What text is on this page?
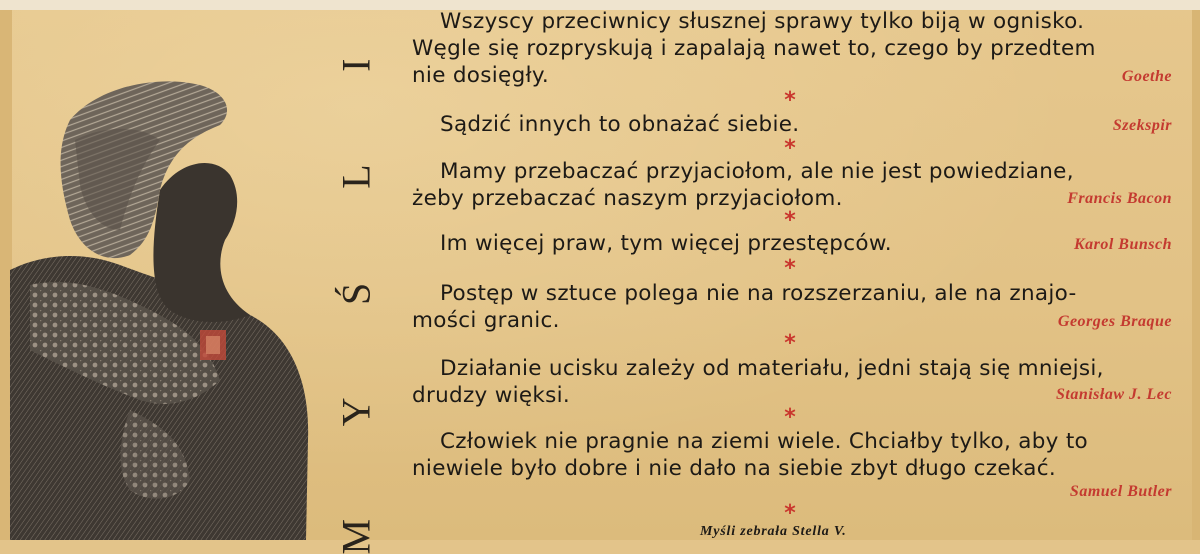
M Y Ś L I	Wszyscy przeciwnicy słusznej sprawy tylko biją w ognisko.
Węgle się rozpryskują i zapalają nawet to, czego by przedtem
nie dosięgły.	Goethe
*
Sądzić innych to obnażać siebie.	Szekspir
*
Mamy przebaczać przyjaciołom, ale nie jest powiedziane,
żeby przebaczać naszym przyjaciołom.	Francis Bacon
*
Im więcej praw, tym więcej przestępców.	Karol Bunsch
*
Postęp w sztuce polega nie na rozszerzaniu, ale na znajo-
mości granic.	Georges Braque
*
Działanie ucisku zależy od materiału, jedni stają się mniejsi,
drudzy więksi.	Stanisław J. Lec
*
Człowiek nie pragnie na ziemi wiele. Chciałby tylko, aby to
niewiele było dobre i nie dało na siebie zbyt długo czekać.
Samuel Butler
*
Myśli zebrała Stella V.
